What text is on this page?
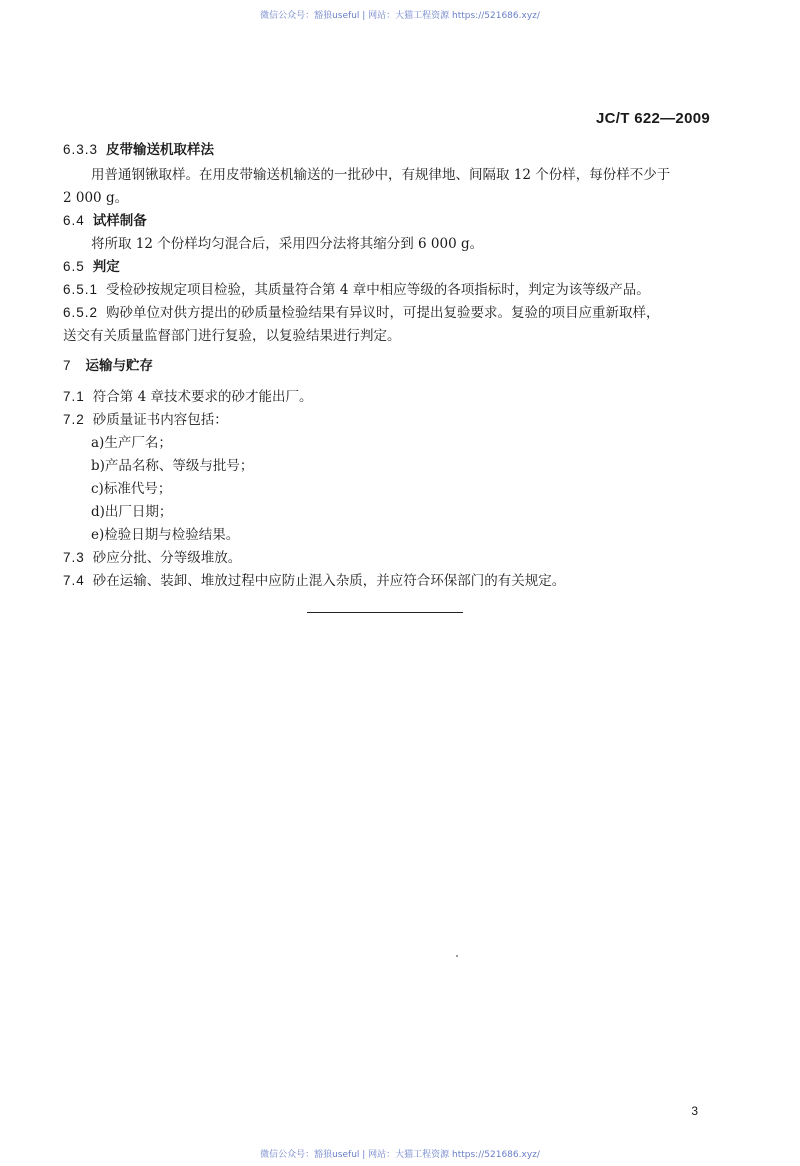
微信公众号：豁狼useful | 网站：大猫工程资源 https://521686.xyz/
JC/T 622—2009
6.3.3 皮带输送机取样法
用普通钢锹取样。在用皮带输送机输送的一批砂中，有规律地、间隔取 12 个份样，每份样不少于
2 000 g。
6.4 试样制备
将所取 12 个份样均匀混合后，采用四分法将其缩分到 6 000 g。
6.5 判定
6.5.1 受检砂按规定项目检验，其质量符合第 4 章中相应等级的各项指标时，判定为该等级产品。
6.5.2 购砂单位对供方提出的砂质量检验结果有异议时，可提出复验要求。复验的项目应重新取样，
送交有关质量监督部门进行复验，以复验结果进行判定。
7 运输与贮存
7.1 符合第 4 章技术要求的砂才能出厂。
7.2 砂质量证书内容包括：
a)生产厂名；
b)产品名称、等级与批号；
c)标准代号；
d)出厂日期；
e)检验日期与检验结果。
7.3 砂应分批、分等级堆放。
7.4 砂在运输、装卸、堆放过程中应防止混入杂质，并应符合环保部门的有关规定。
3
微信公众号：豁狼useful | 网站：大猫工程资源 https://521686.xyz/
